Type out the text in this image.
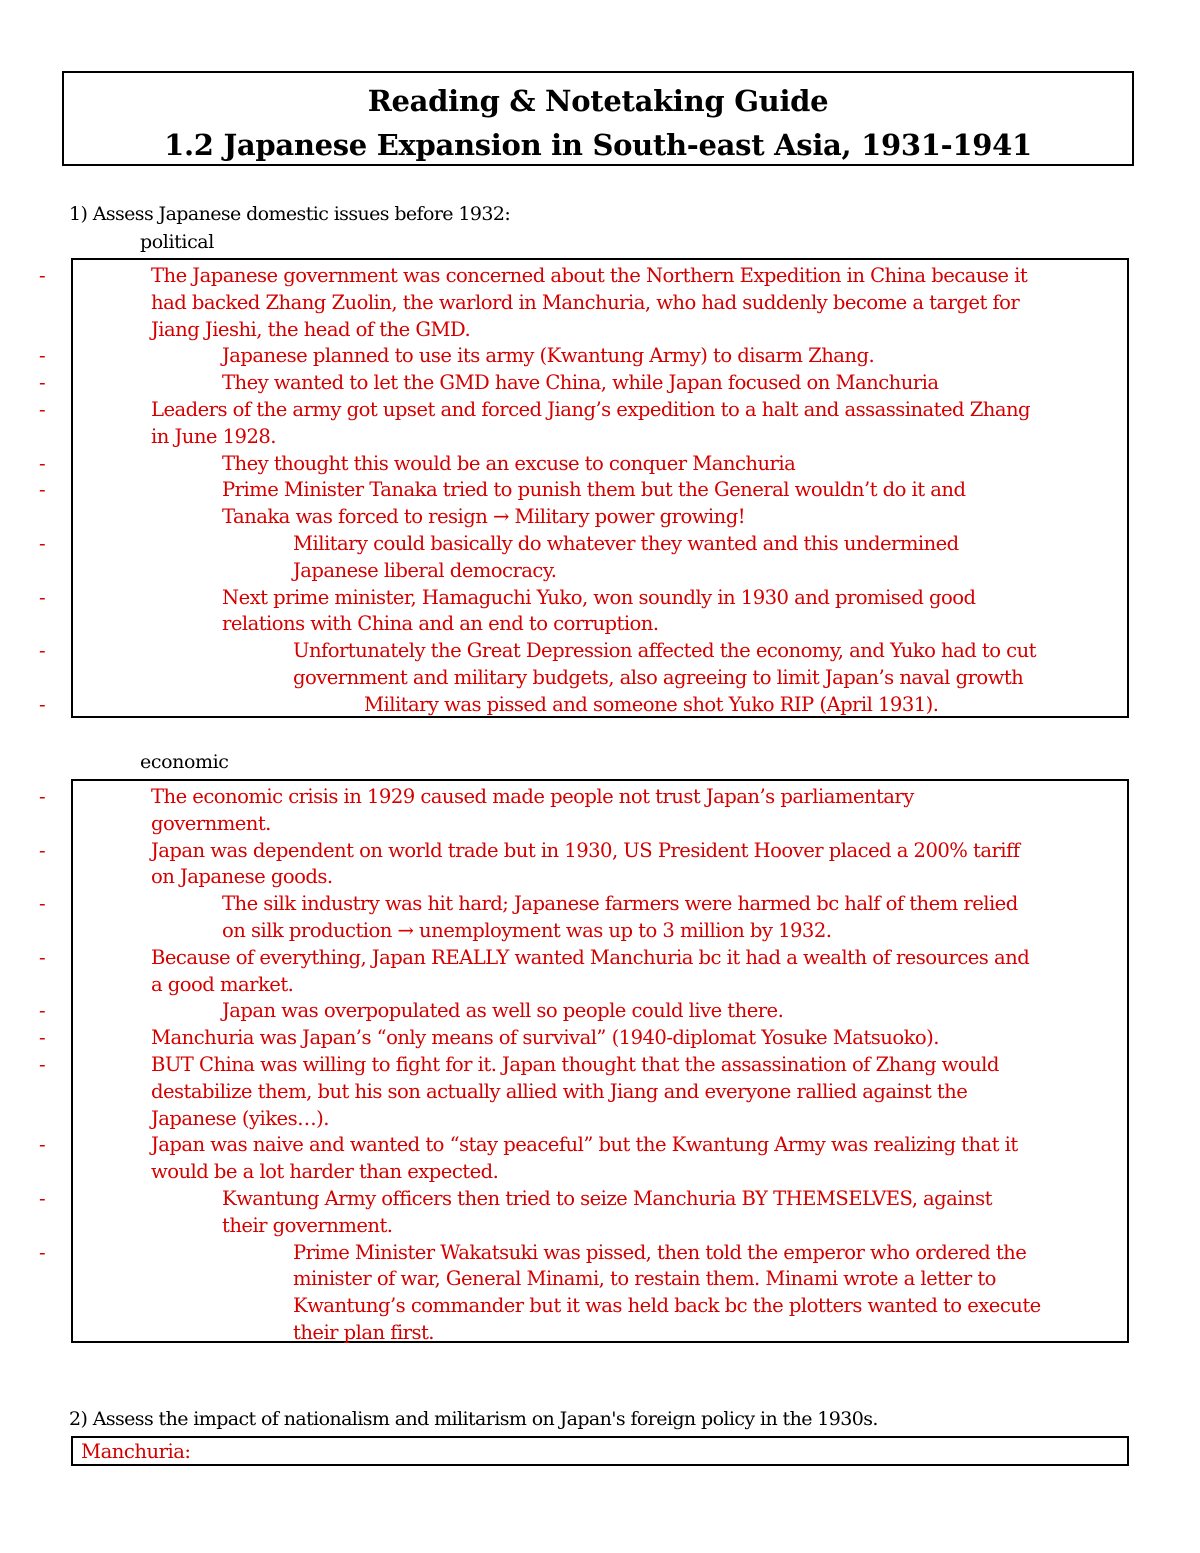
Reading & Notetaking Guide
1.2 Japanese Expansion in South-east Asia, 1931-1941
1) Assess Japanese domestic issues before 1932:
political
- The Japanese government was concerned about the Northern Expedition in China because it
had backed Zhang Zuolin, the warlord in Manchuria, who had suddenly become a target for
Jiang Jieshi, the head of the GMD.
- Japanese planned to use its army (Kwantung Army) to disarm Zhang.
- They wanted to let the GMD have China, while Japan focused on Manchuria
- Leaders of the army got upset and forced Jiang’s expedition to a halt and assassinated Zhang
in June 1928.
- They thought this would be an excuse to conquer Manchuria
- Prime Minister Tanaka tried to punish them but the General wouldn’t do it and
Tanaka was forced to resign → Military power growing!
- Military could basically do whatever they wanted and this undermined
Japanese liberal democracy.
- Next prime minister, Hamaguchi Yuko, won soundly in 1930 and promised good
relations with China and an end to corruption.
- Unfortunately the Great Depression affected the economy, and Yuko had to cut
government and military budgets, also agreeing to limit Japan’s naval growth
- Military was pissed and someone shot Yuko RIP (April 1931).
economic
- The economic crisis in 1929 caused made people not trust Japan’s parliamentary
government.
- Japan was dependent on world trade but in 1930, US President Hoover placed a 200% tariff
on Japanese goods.
- The silk industry was hit hard; Japanese farmers were harmed bc half of them relied
on silk production → unemployment was up to 3 million by 1932.
- Because of everything, Japan REALLY wanted Manchuria bc it had a wealth of resources and
a good market.
- Japan was overpopulated as well so people could live there.
- Manchuria was Japan’s “only means of survival” (1940-diplomat Yosuke Matsuoko).
- BUT China was willing to fight for it. Japan thought that the assassination of Zhang would
destabilize them, but his son actually allied with Jiang and everyone rallied against the
Japanese (yikes…).
- Japan was naive and wanted to “stay peaceful” but the Kwantung Army was realizing that it
would be a lot harder than expected.
- Kwantung Army officers then tried to seize Manchuria BY THEMSELVES, against
their government.
- Prime Minister Wakatsuki was pissed, then told the emperor who ordered the
minister of war, General Minami, to restain them. Minami wrote a letter to
Kwantung’s commander but it was held back bc the plotters wanted to execute
their plan first.
2) Assess the impact of nationalism and militarism on Japan's foreign policy in the 1930s.
Manchuria:
